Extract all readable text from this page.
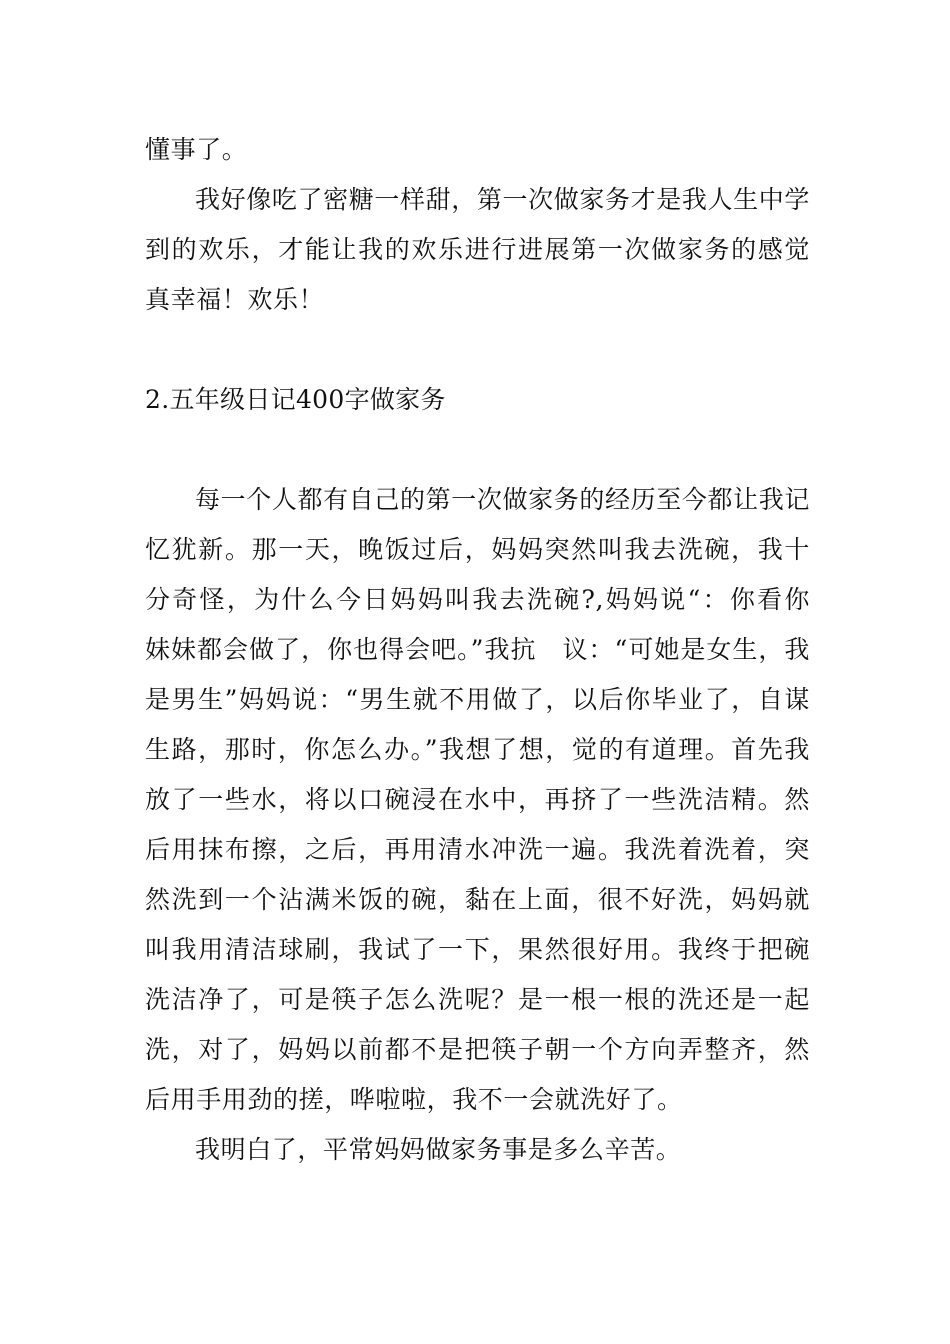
懂事了。

我好像吃了密糖一样甜，第一次做家务才是我人生中学到的欢乐，才能让我的欢乐进行进展第一次做家务的感觉真幸福！欢乐！

2.五年级日记400字做家务

每一个人都有自己的第一次做家务的经历至今都让我记忆犹新。那一天，晚饭过后，妈妈突然叫我去洗碗，我十分奇怪，为什么今日妈妈叫我去洗碗?,妈妈说“：你看你　妹妹都会做了，你也得会吧。”我抗　议：“可她是女生，我是男生”妈妈说：“男生就不用做了，以后你毕业了，自谋生路，那时，你怎么办。”我想了想，觉的有道理。首先我放了一些水，将以口碗浸在水中，再挤了一些洗洁精。然后用抹布擦，之后，再用清水冲洗一遍。我洗着洗着，突然洗到一个沾满米饭的碗，黏在上面，很不好洗，妈妈就叫我用清洁球刷，我试了一下，果然很好用。我终于把碗洗洁净了，可是筷子怎么洗呢？是一根一根的洗还是一起洗，对了，妈妈以前都不是把筷子朝一个方向弄整齐，然后用手用劲的搓，哗啦啦，我不一会就洗好了。

我明白了，平常妈妈做家务事是多么辛苦。
